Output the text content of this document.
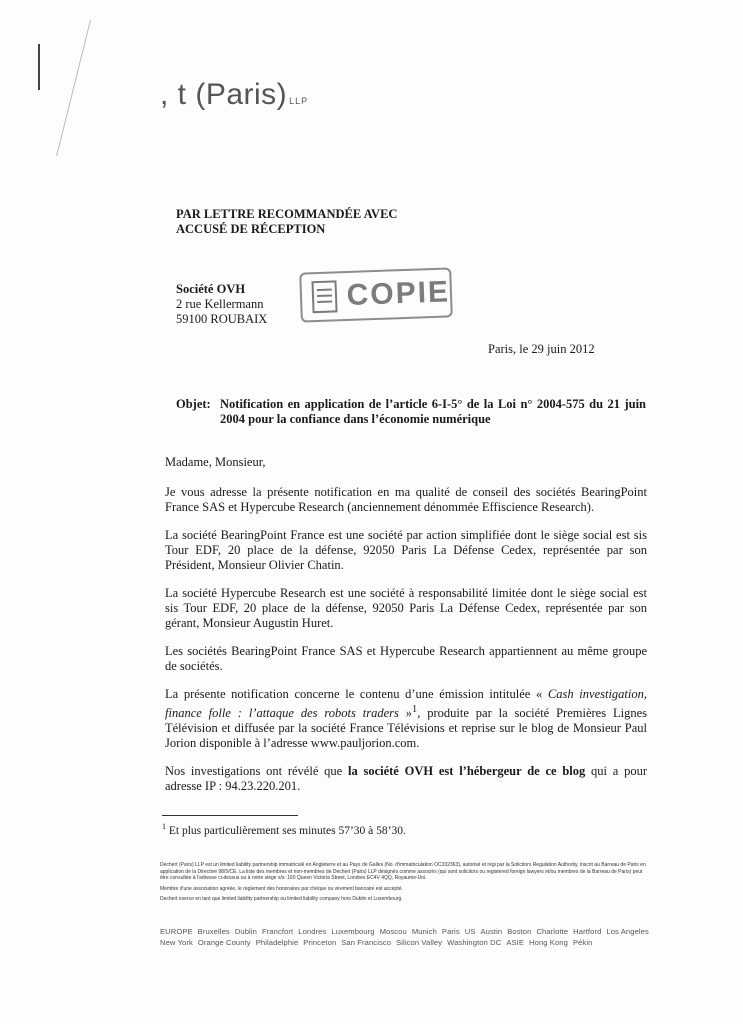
, t (Paris) LLP
PAR LETTRE RECOMMANDÉE AVEC
ACCUSÉ DE RÉCEPTION
Société OVH
2 rue Kellermann
59100 ROUBAIX
COPIE
Paris, le 29 juin 2012
Objet: Notification en application de l’article 6-I-5° de la Loi n° 2004-575 du 21 juin 2004 pour la confiance dans l’économie numérique

Madame, Monsieur,

Je vous adresse la présente notification en ma qualité de conseil des sociétés BearingPoint France SAS et Hypercube Research (anciennement dénommée Effiscience Research).

La société BearingPoint France est une société par action simplifiée dont le siège social est sis Tour EDF, 20 place de la défense, 92050 Paris La Défense Cedex, représentée par son Président, Monsieur Olivier Chatin.

La société Hypercube Research est une société à responsabilité limitée dont le siège social est sis Tour EDF, 20 place de la défense, 92050 Paris La Défense Cedex, représentée par son gérant, Monsieur Augustin Huret.

Les sociétés BearingPoint France SAS et Hypercube Research appartiennent au même groupe de sociétés.

La présente notification concerne le contenu d’une émission intitulée « Cash investigation, finance folle : l’attaque des robots traders »$^1$, produite par la société Premières Lignes Télévision et diffusée par la société France Télévisions et reprise sur le blog de Monsieur Paul Jorion disponible à l’adresse www.pauljorion.com.

Nos investigations ont révélé que la société OVH est l’hébergeur de ce blog qui a pour adresse IP : 94.23.220.201.

$^1$ Et plus particulièrement ses minutes 57’30 à 58’30.

Dechert (Paris) LLP est un limited liability partnership immatriculé en Angleterre et au Pays de Galles (No. d'immatriculation OC332363), autorisé et régi par la Solicitors Regulation Authority, inscrit au Barreau de Paris en application de la Directive 98/5/CE. La liste des membres et non-membres de Dechert (Paris) LLP désignés comme associés (qui sont solicitors ou registered foreign lawyers et/ou membres de la Barreau de Paris) peut être consultée à l'adresse ci-dessus ou à notre siège s/s: 160 Queen Victoria Street, Londres EC4V 4QQ, Royaume-Uni.

Membre d'une association agréée, le règlement des honoraires par chèque ou virement bancaire est accepté.

Dechert exerce en tant que limited liability partnership ou limited liability company hors Dublin et Luxembourg.

EUROPE Bruxelles Dublin Francfort Londres Luxembourg Moscou Munich Paris US Austin Boston Charlotte Hartford Los Angeles
New York Orange County Philadelphie Princeton San Francisco Silicon Valley Washington DC ASIE Hong Kong Pékin
